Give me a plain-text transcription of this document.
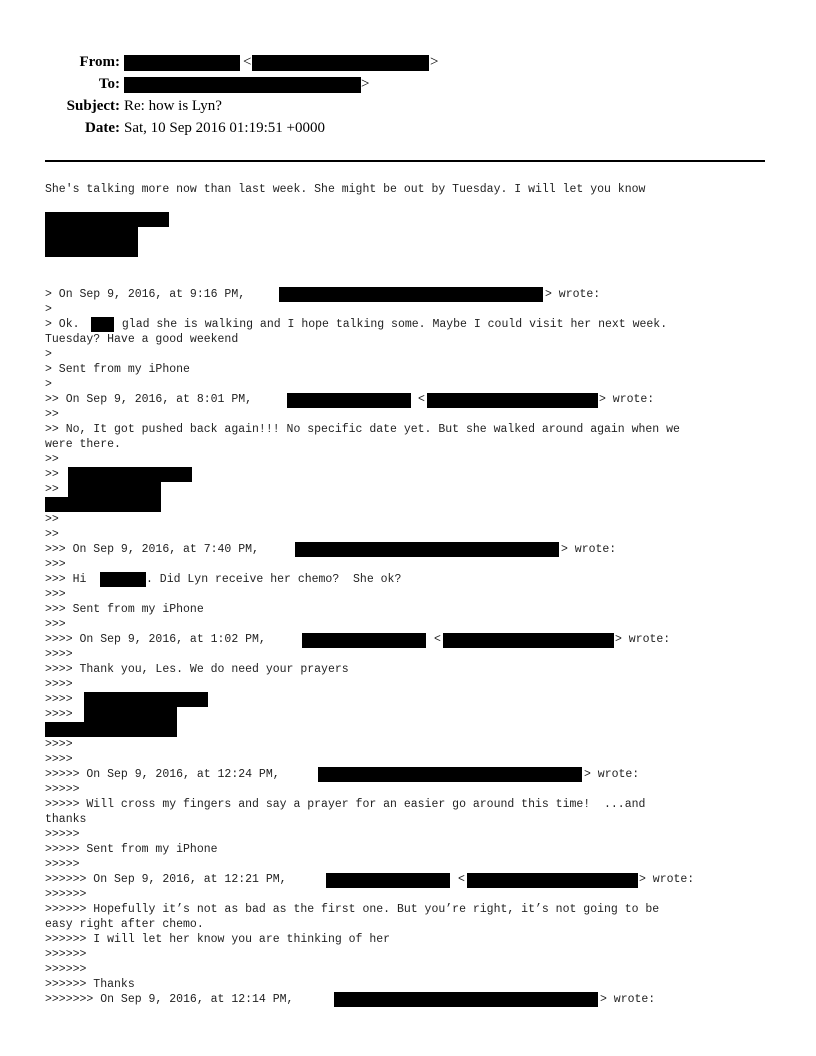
From:	<	>
To:	>
Subject: Re: how is Lyn?
Date: Sat, 10 Sep 2016 01:19:51 +0000
She's talking more now than last week. She might be out by Tuesday. I will let you know
> On Sep 9, 2016, at 9:16 PM,	> wrote:
>
> Ok.	glad she is walking and I hope talking some. Maybe I could visit her next week.
Tuesday? Have a good weekend
>
> Sent from my iPhone
>
>> On Sep 9, 2016, at 8:01 PM,	<	> wrote:
>>
>> No, It got pushed back again!!! No specific date yet. But she walked around again when we
were there.
>>
>>
>>
>>
>>
>>> On Sep 9, 2016, at 7:40 PM,	> wrote:
>>>
>>> Hi	. Did Lyn receive her chemo?  She ok?
>>>
>>> Sent from my iPhone
>>>
>>>> On Sep 9, 2016, at 1:02 PM,	<	> wrote:
>>>>
>>>> Thank you, Les. We do need your prayers
>>>>
>>>>
>>>>
>>>>
>>>>
>>>>> On Sep 9, 2016, at 12:24 PM,	> wrote:
>>>>>
>>>>> Will cross my fingers and say a prayer for an easier go around this time!  ...and
thanks
>>>>>
>>>>> Sent from my iPhone
>>>>>
>>>>>> On Sep 9, 2016, at 12:21 PM,	<	> wrote:
>>>>>>
>>>>>> Hopefully it’s not as bad as the first one. But you’re right, it’s not going to be
easy right after chemo.
>>>>>> I will let her know you are thinking of her
>>>>>>
>>>>>>
>>>>>> Thanks
>>>>>>> On Sep 9, 2016, at 12:14 PM,	> wrote:
